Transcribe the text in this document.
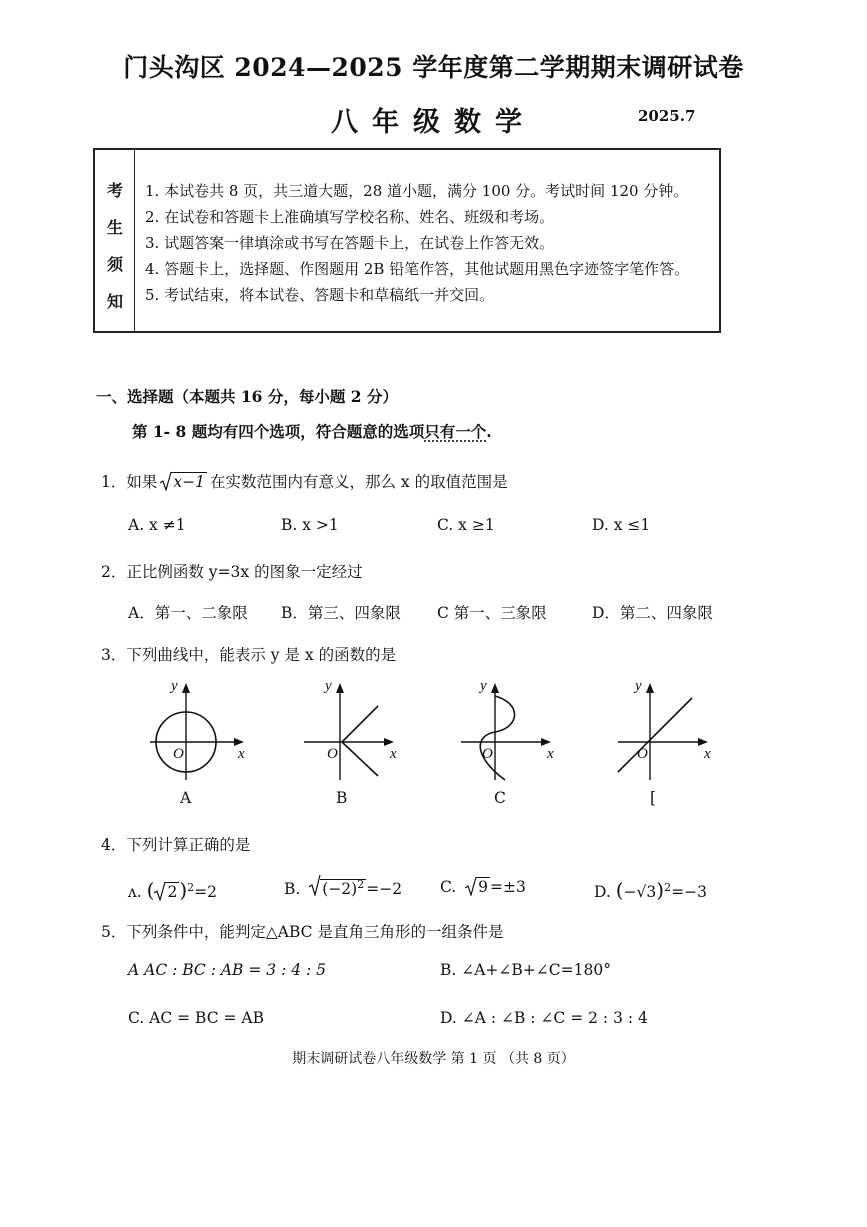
门头沟区 2024—2025 学年度第二学期期末调研试卷
八年级数学	2025.7
考
生
须
知
1. 本试卷共 8 页，共三道大题，28 道小题，满分 100 分。考试时间 120 分钟。
2. 在试卷和答题卡上准确填写学校名称、姓名、班级和考场。
3. 试题答案一律填涂或书写在答题卡上，在试卷上作答无效。
4. 答题卡上，选择题、作图题用 2B 铅笔作答，其他试题用黑色字迹签字笔作答。
5. 考试结束，将本试卷、答题卡和草稿纸一并交回。
一、选择题（本题共 16 分，每小题 2 分）
第 1- 8 题均有四个选项，符合题意的选项只有一个.
1．如果 x−1 在实数范围内有意义，那么 x 的取值范围是
A. x ≠1	B. x >1	C. x ≥1	D. x ≤1
2．正比例函数 y=3x 的图象一定经过
A．第一、二象限 B．第三、四象限 C 第一、三象限	D．第二、四象限
3．下列曲线中，能表示 y 是 x 的函数的是
y
x
O
A
y
x
O
B
y
x
O
C
y
x
O
[
4．下列计算正确的是
ʌ. ( 2 )$^2$=2	B. $(-2)^2 =-2$ C. 9 =±3	D. $(-√3)^2=-3$
5．下列条件中，能判定△ABC 是直角三角形的一组条件是
A AC : BC : AB = 3 : 4 : 5	B. ∠A+∠B+∠C=180°
C. AC = BC = AB	D. ∠A : ∠B : ∠C = 2 : 3 : 4
期末调研试卷八年级数学 第 1 页 （共 8 页）
